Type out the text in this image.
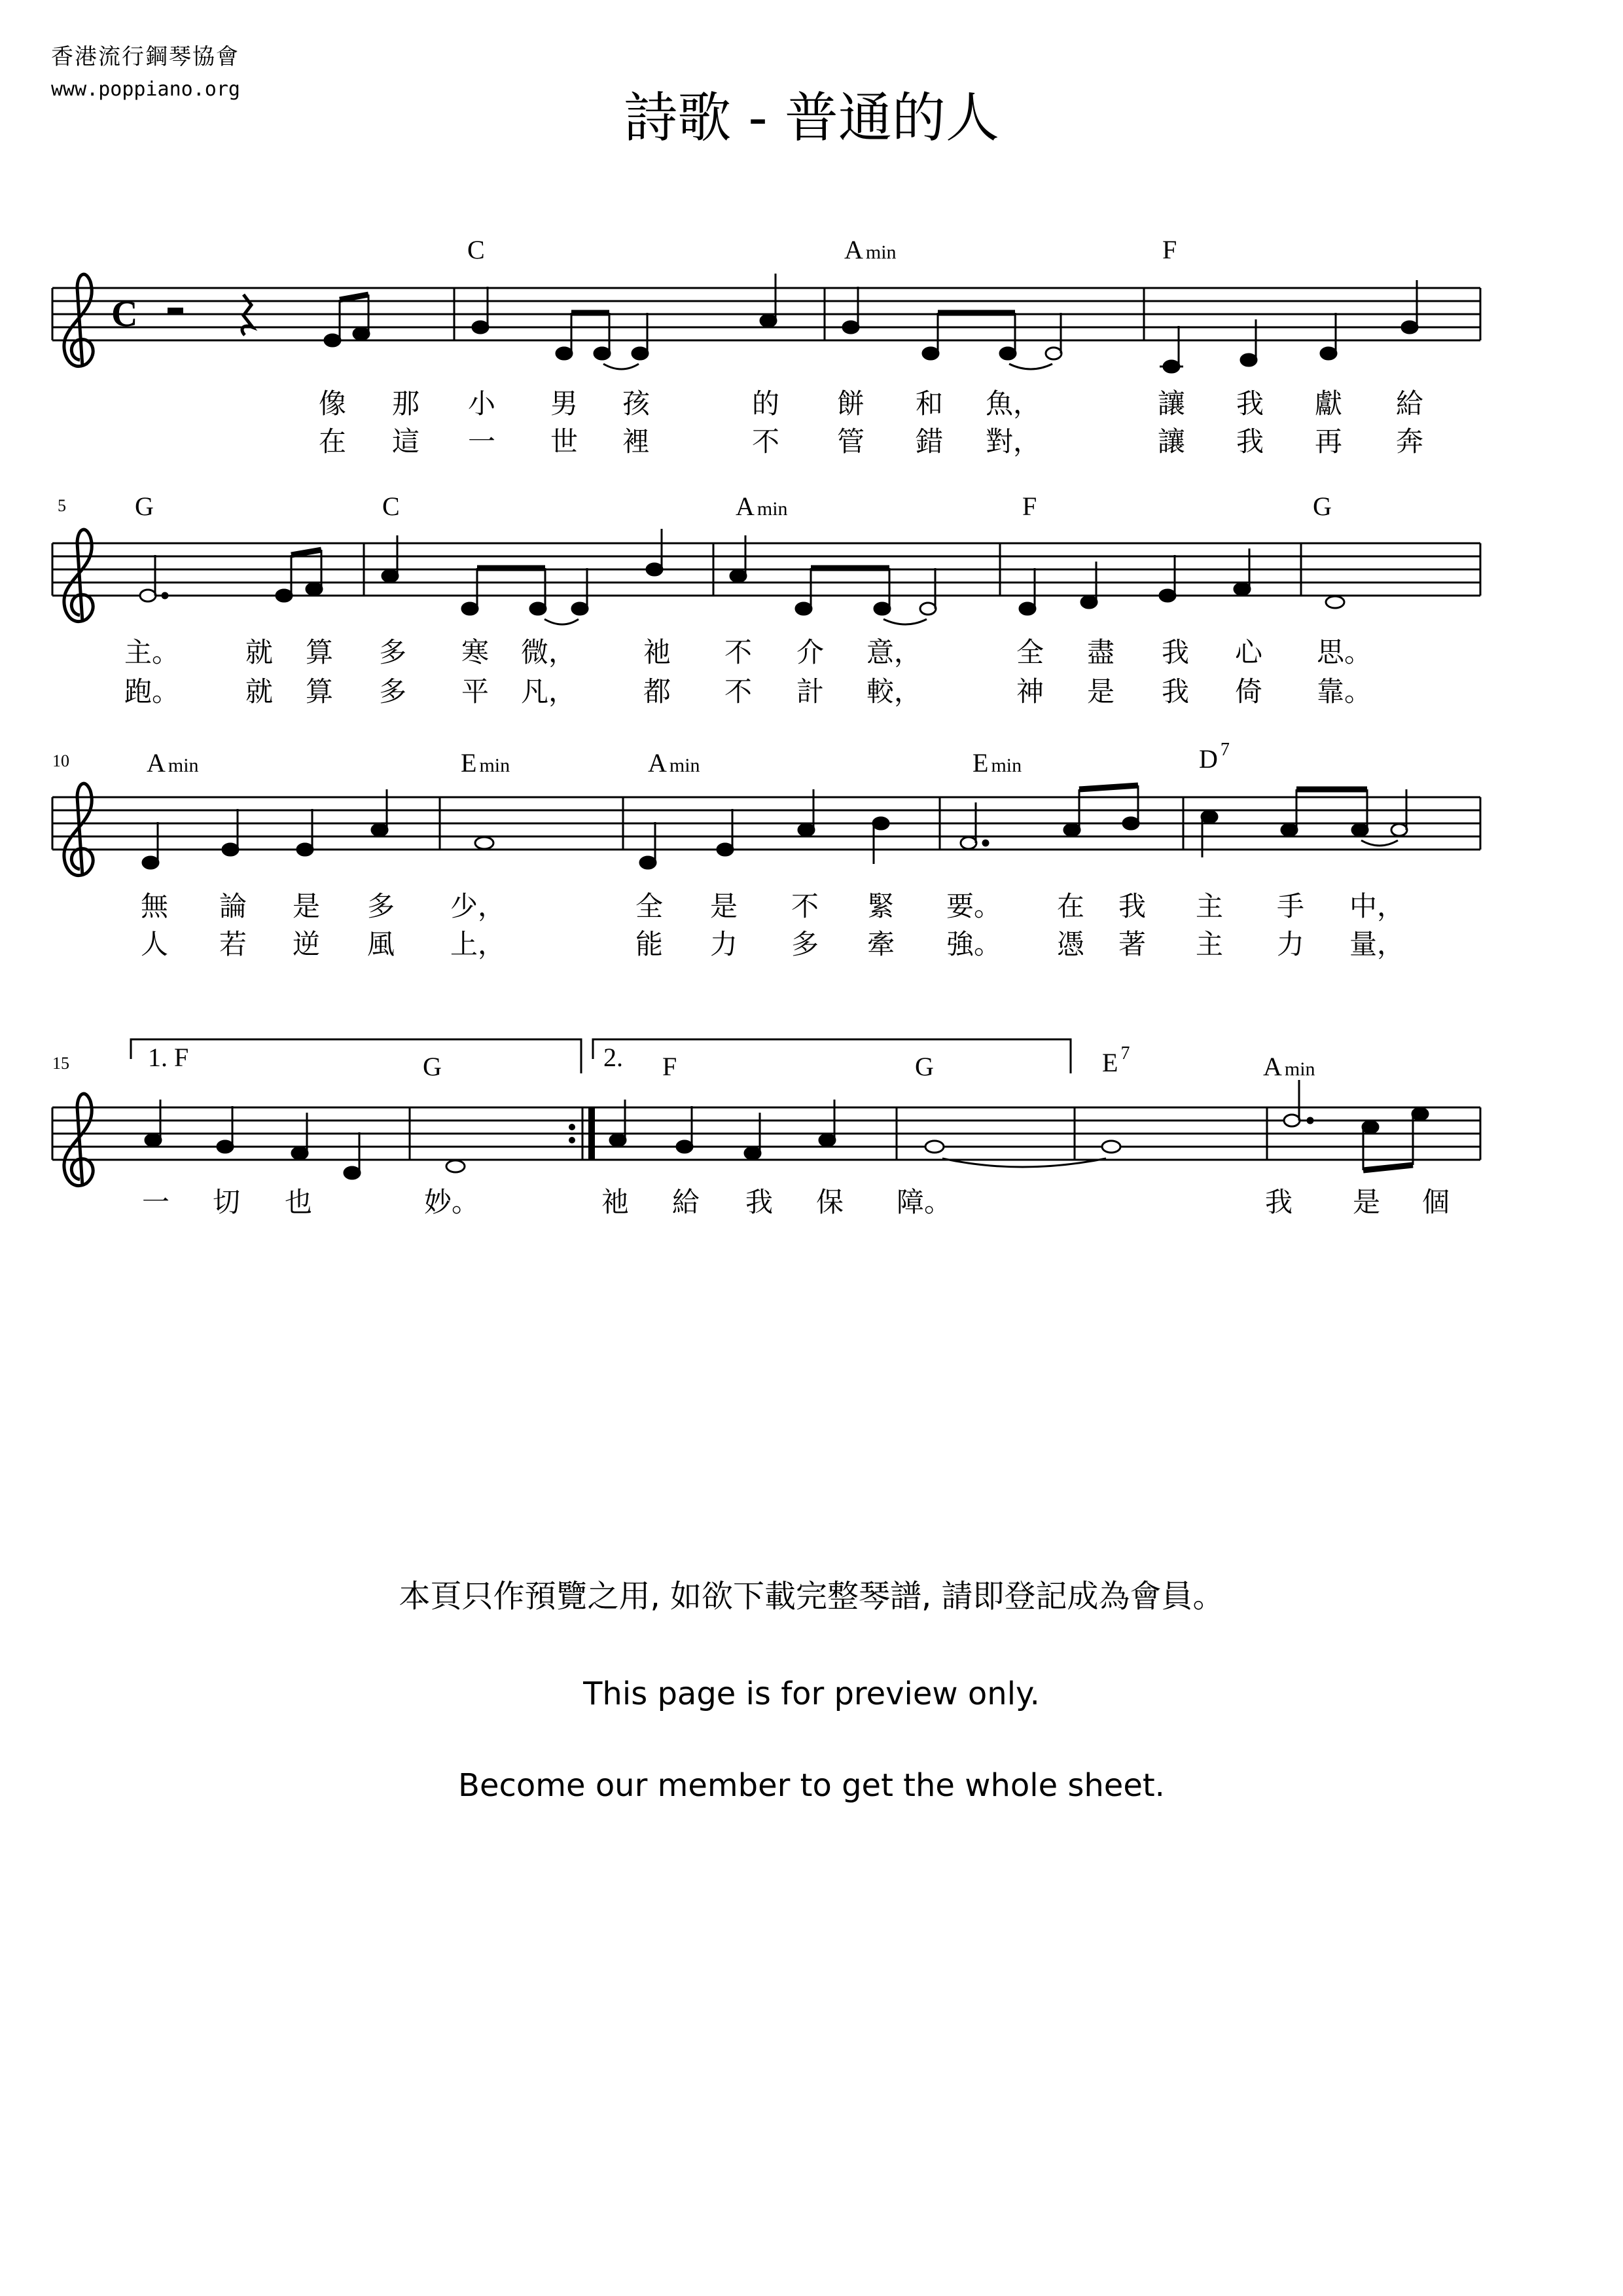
香港流行鋼琴協會
www.poppiano.org	詩歌 - 普通的人
C
C	A min	F
像 那 小 男 孩	的 餅 和 魚，	讓 我 獻 給
在 這 一 世 裡	不 管 錯 對，	讓 我 再 奔
5	G	C	A min	F	G
主。 就 算 多 寒 微， 祂 不 介 意，	全 盡 我 心 思。
跑。 就 算 多 平 凡， 都 不 計 較，	神 是 我 倚 靠。
10	A min	E min	A min	E min	D $^7$
無 論 是 多 少，	全 是 不 緊 要。 在 我 主 手 中，
人 若 逆 風 上，	能 力 多 牽 強。 憑 著 主 力 量，
15	1. F	G	2. F	G	E $^7$	A min
一 切 也	妙。	祂 給 我 保 障。	我 是 個
本頁只作預覽之用, 如欲下載完整琴譜, 請即登記成為會員。
This page is for preview only.
Become our member to get the whole sheet.
